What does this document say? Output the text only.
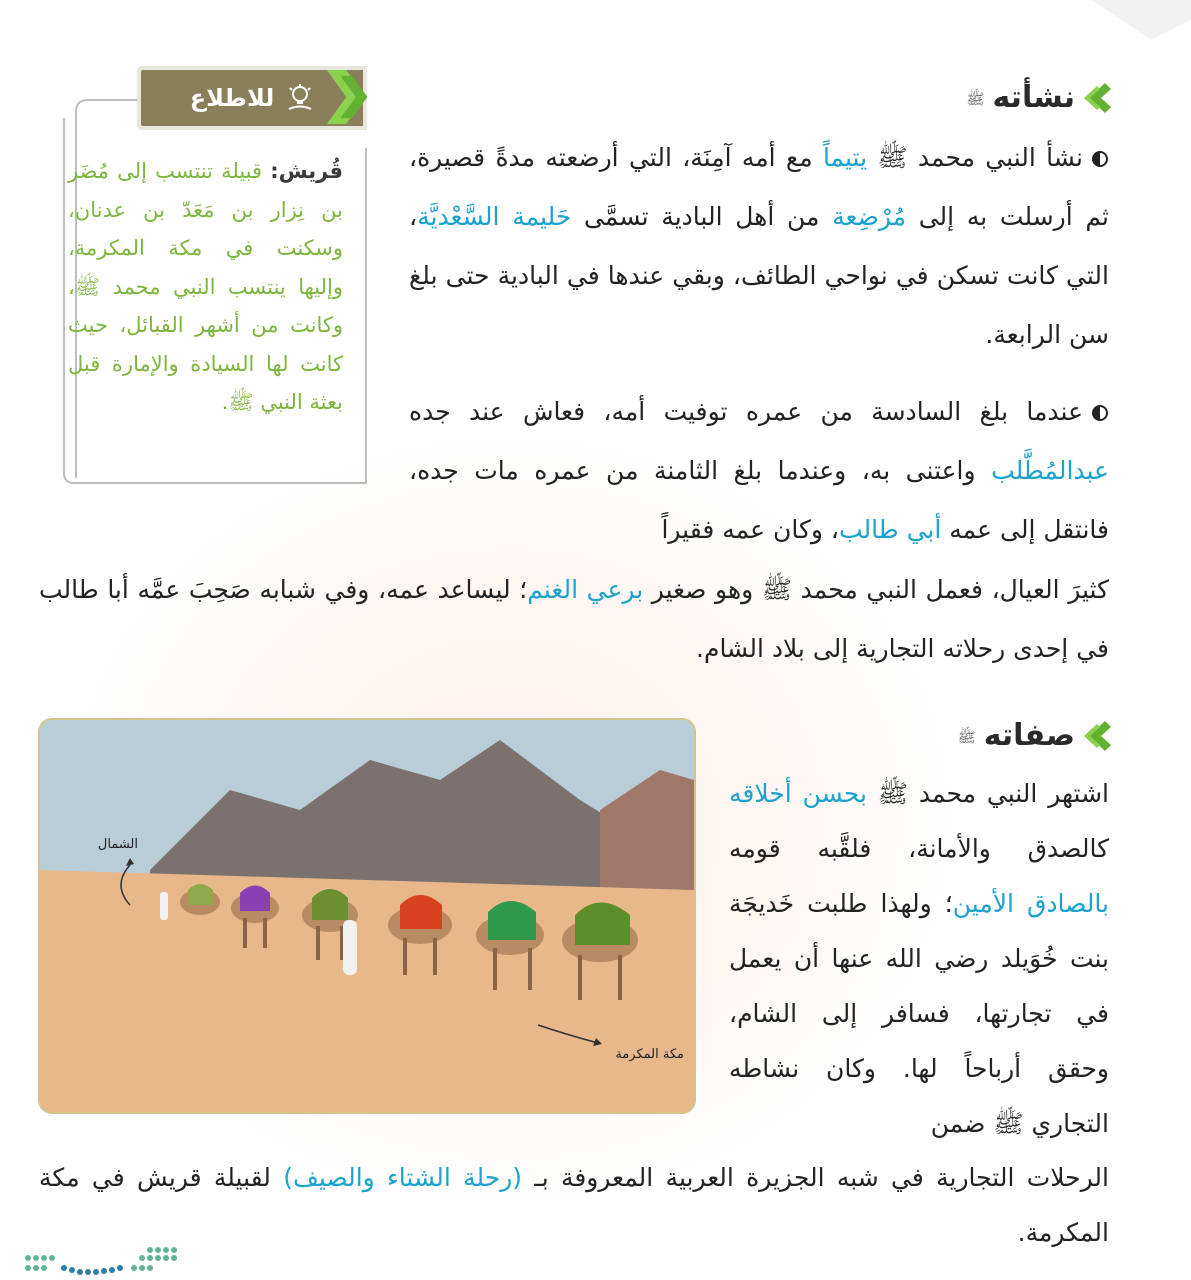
نشأته
ﷺ
نشأ النبي محمد ﷺ يتيماً مع أمه آمِنَة، التي أرضعته مدةً قصيرة، ثم أرسلت به إلى مُرْضِعة من أهل البادية تسمَّى حَليمة السَّعْديَّة، التي كانت تسكن في نواحي الطائف، وبقي عندها في البادية حتى بلغ سن الرابعة.
عندما بلغ السادسة من عمره توفيت أمه، فعاش عند جده عبدالمُطَّلب واعتنى به، وعندما بلغ الثامنة من عمره مات جده، فانتقل إلى عمه أبي طالب، وكان عمه فقيراً
كثيرَ العيال، فعمل النبي محمد ﷺ وهو صغير برعي الغنم؛ ليساعد عمه، وفي شبابه صَحِبَ عمَّه أبا طالب في إحدى رحلاته التجارية إلى بلاد الشام.
للاطلاع
قُريش: قبيلة تنتسب إلى مُضَر بن نِزار بن مَعَدّ بن عدنان، وسكنت في مكة المكرمة، وإليها ينتسب النبي محمد ﷺ، وكانت من أشهر القبائل، حيث كانت لها السيادة والإمارة قبل بعثة النبي ﷺ.
صفاته
ﷺ
اشتهر النبي محمد ﷺ بحسن أخلاقه كالصدق والأمانة، فلقَّبه قومه بالصادق الأمين؛ ولهذا طلبت خَديجَة بنت خُوَيلد رضي الله عنها أن يعمل في تجارتها، فسافر إلى الشام، وحقق أرباحاً لها. وكان نشاطه التجاري ﷺ ضمن
الرحلات التجارية في شبه الجزيرة العربية المعروفة بـ (رحلة الشتاء والصيف) لقبيلة قريش في مكة المكرمة.
الشمال
مكة المكرمة
